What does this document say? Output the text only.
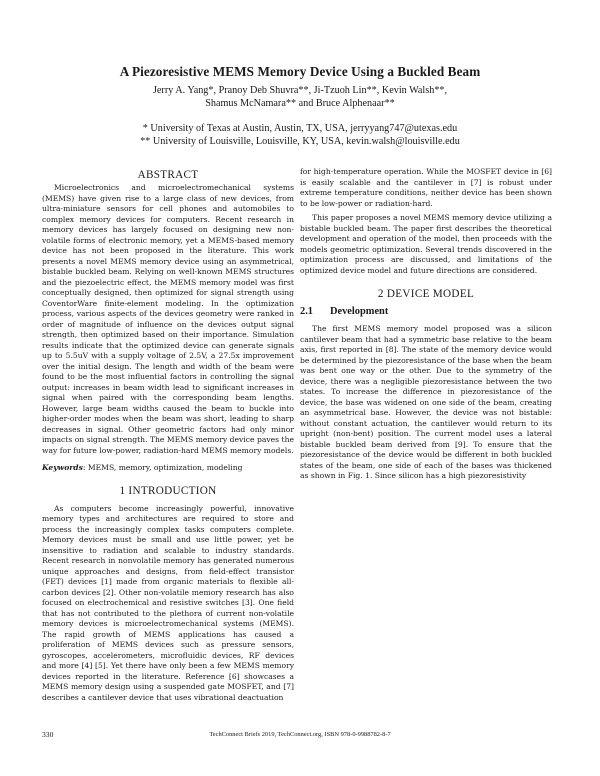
A Piezoresistive MEMS Memory Device Using a Buckled Beam
Jerry A. Yang*, Pranoy Deb Shuvra**, Ji-Tzuoh Lin**, Kevin Walsh**,
Shamus McNamara** and Bruce Alphenaar**
* University of Texas at Austin, Austin, TX, USA, jerryyang747@utexas.edu
** University of Louisville, Louisville, KY, USA, kevin.walsh@louisville.edu
ABSTRACT

Microelectronics and microelectromechanical systems (MEMS) have given rise to a large class of new devices, from ultra-miniature sensors for cell phones and automobiles to complex memory devices for computers. Recent research in memory devices has largely focused on designing new non-volatile forms of electronic memory, yet a MEMS-based memory device has not been proposed in the literature. This work presents a novel MEMS memory device using an asymmetrical, bistable buckled beam. Relying on well-known MEMS structures and the piezoelectric effect, the MEMS memory model was first conceptually designed, then optimized for signal strength using CoventorWare finite-element modeling. In the optimization process, various aspects of the devices geometry were ranked in order of magnitude of influence on the devices output signal strength, then optimized based on their importance. Simulation results indicate that the optimized device can generate signals up to 5.5uV with a supply voltage of 2.5V, a 27.5x improvement over the initial design. The length and width of the beam were found to be the most influential factors in controlling the signal output: increases in beam width lead to significant increases in signal when paired with the corresponding beam lengths. However, large beam widths caused the beam to buckle into higher-order modes when the beam was short, leading to sharp decreases in signal. Other geometric factors had only minor impacts on signal strength. The MEMS memory device paves the way for future low-power, radiation-hard MEMS memory models.

Keywords: MEMS, memory, optimization, modeling

1 INTRODUCTION

As computers become increasingly powerful, innovative memory types and architectures are required to store and process the increasingly complex tasks computers complete. Memory devices must be small and use little power, yet be insensitive to radiation and scalable to industry standards. Recent research in nonvolatile memory has generated numerous unique approaches and designs, from field-effect transistor (FET) devices [1] made from organic materials to flexible all-carbon devices [2]. Other non-volatile memory research has also focused on electrochemical and resistive switches [3]. One field that has not contributed to the plethora of current non-volatile memory devices is microelectromechanical systems (MEMS). The rapid growth of MEMS applications has caused a proliferation of MEMS devices such as pressure sensors, gyroscopes, accelerometers, microfluidic devices, RF devices and more [4] [5]. Yet there have only been a few MEMS memory devices reported in the literature. Reference [6] showcases a MEMS memory design using a suspended gate MOSFET, and [7] describes a cantilever device that uses vibrational deactuation

for high-temperature operation. While the MOSFET device in [6] is easily scalable and the cantilever in [7] is robust under extreme temperature conditions, neither device has been shown to be low-power or radiation-hard.

This paper proposes a novel MEMS memory device utilizing a bistable buckled beam. The paper first describes the theoretical development and operation of the model, then proceeds with the models geometric optimization. Several trends discovered in the optimization process are discussed, and limitations of the optimized device model and future directions are considered.

2 DEVICE MODEL
2.1 Development

The first MEMS memory model proposed was a silicon cantilever beam that had a symmetric base relative to the beam axis, first reported in [8]. The state of the memory device would be determined by the piezoresistance of the base when the beam was bent one way or the other. Due to the symmetry of the device, there was a negligible piezoresistance between the two states. To increase the difference in piezoresistance of the device, the base was widened on one side of the beam, creating an asymmetrical base. However, the device was not bistable: without constant actuation, the cantilever would return to its upright (non-bent) position. The current model uses a lateral bistable buckled beam derived from [9]. To ensure that the piezoresistance of the device would be different in both buckled states of the beam, one side of each of the bases was thickened as shown in Fig. 1. Since silicon has a high piezoresistivity

330	TechConnect Briefs 2019, TechConnect.org, ISBN 978-0-9988782-8-7
